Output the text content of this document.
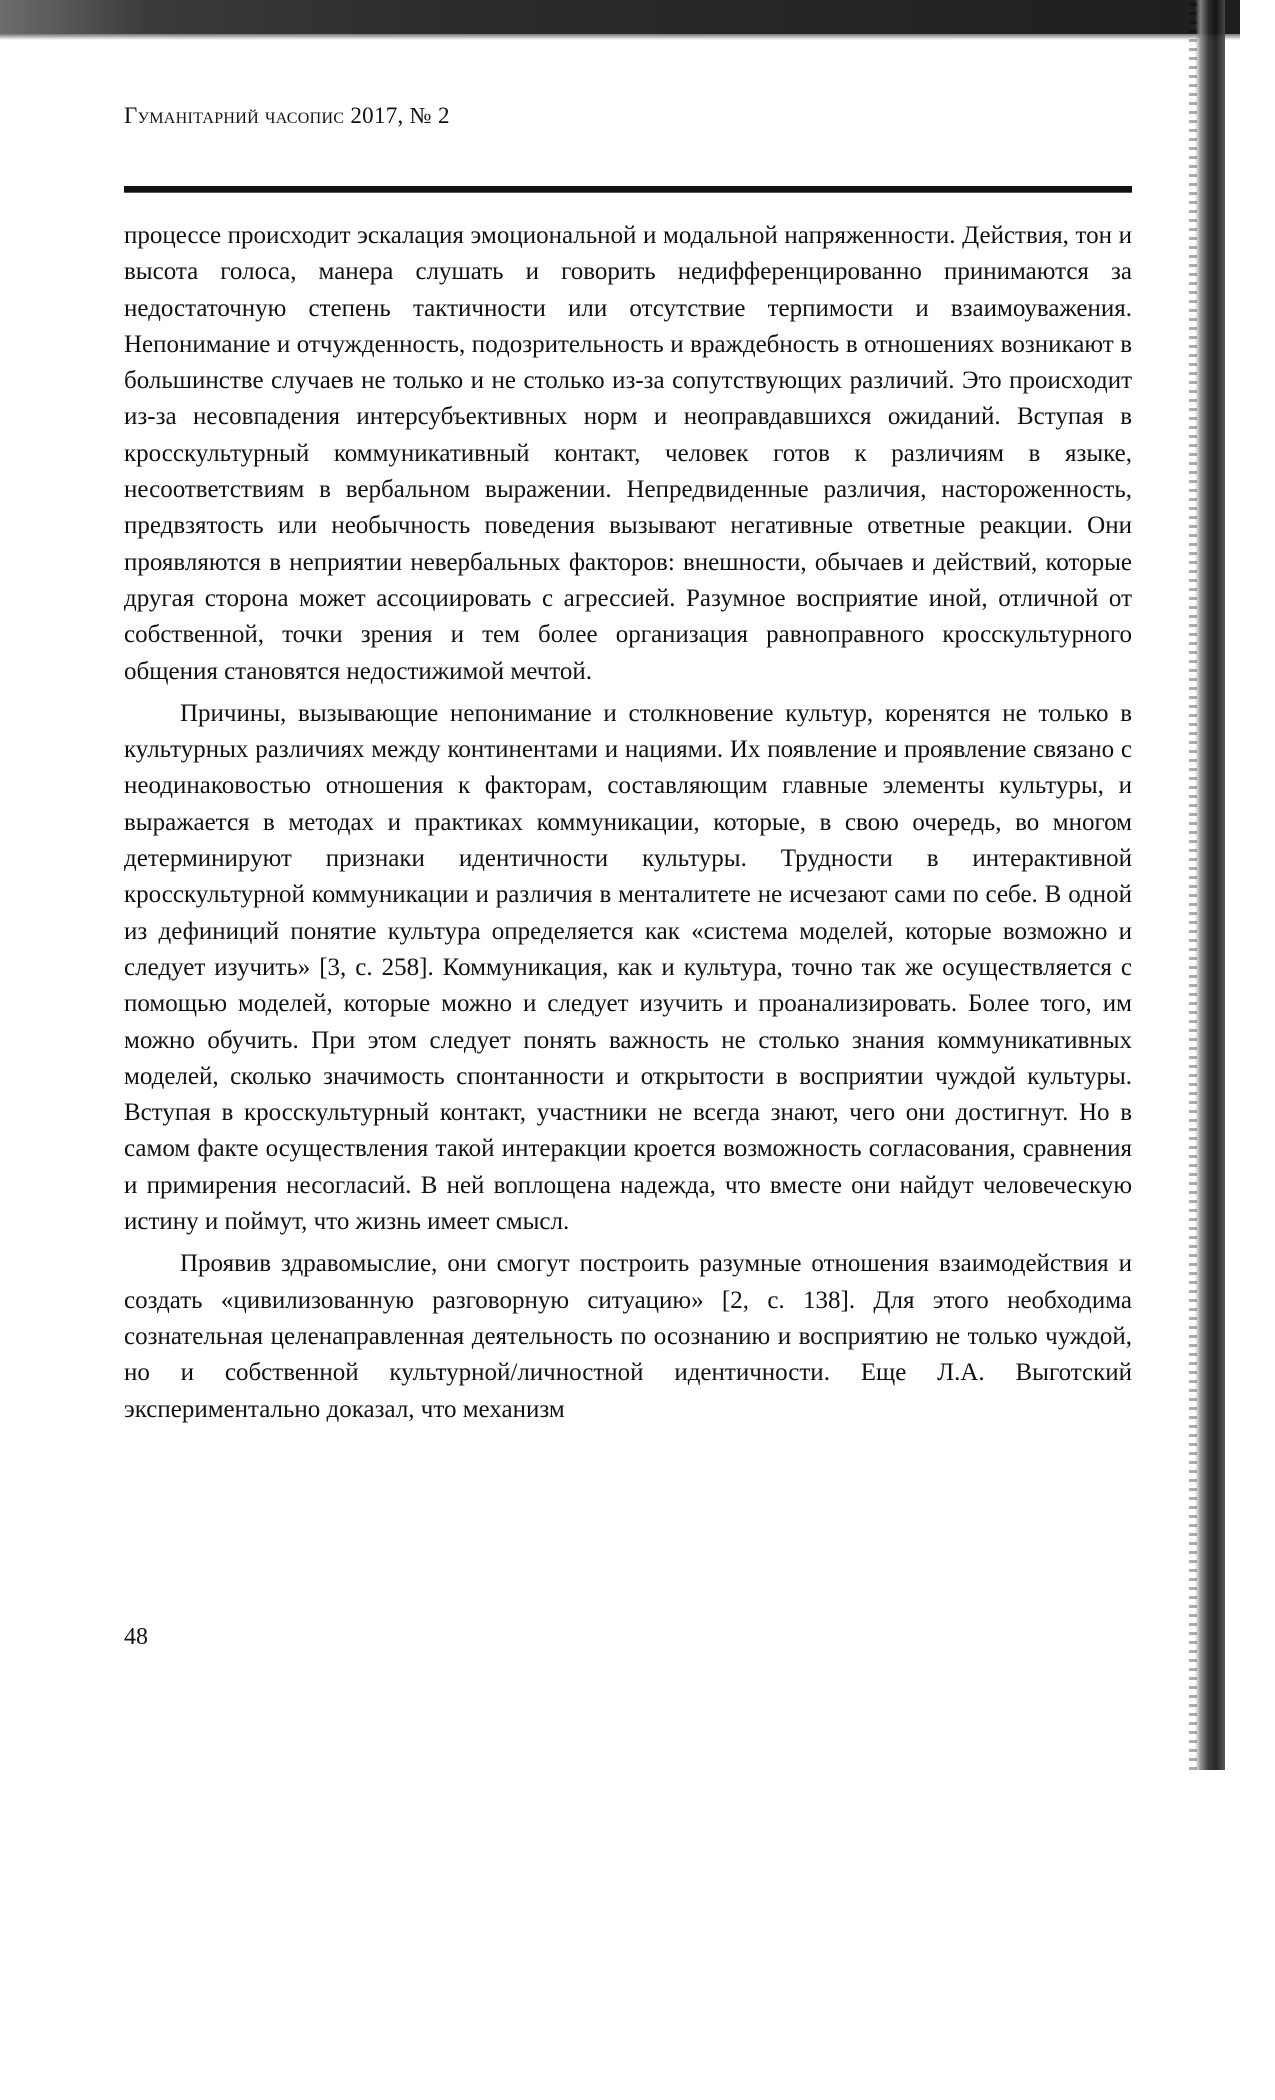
Гуманітарний часопис 2017, № 2

процессе происходит эскалация эмоциональной и модальной напряженности. Действия, тон и высота голоса, манера слушать и говорить недифференцированно принимаются за недостаточную степень тактичности или отсутствие терпимости и взаимоуважения. Непонимание и отчужденность, подозрительность и враждебность в отношениях возникают в большинстве случаев не только и не столько из-за сопутствующих различий. Это происходит из-за несовпадения интерсубъективных норм и неоправдавшихся ожиданий. Вступая в кросскультурный коммуникативный контакт, человек готов к различиям в языке, несоответствиям в вербальном выражении. Непредвиденные различия, настороженность, предвзятость или необычность поведения вызывают негативные ответные реакции. Они проявляются в неприятии невербальных факторов: внешности, обычаев и действий, которые другая сторона может ассоциировать с агрессией. Разумное восприятие иной, отличной от собственной, точки зрения и тем более организация равноправного кросскультурного общения становятся недостижимой мечтой.

Причины, вызывающие непонимание и столкновение культур, коренятся не только в культурных различиях между континентами и нациями. Их появление и проявление связано с неодинаковостью отношения к факторам, составляющим главные элементы культуры, и выражается в методах и практиках коммуникации, которые, в свою очередь, во многом детерминируют признаки идентичности культуры. Трудности в интерактивной кросскультурной коммуникации и различия в менталитете не исчезают сами по себе. В одной из дефиниций понятие культура определяется как «система моделей, которые возможно и следует изучить» [3, с. 258]. Коммуникация, как и культура, точно так же осуществляется с помощью моделей, которые можно и следует изучить и проанализировать. Более того, им можно обучить. При этом следует понять важность не столько знания коммуникативных моделей, сколько значимость спонтанности и открытости в восприятии чуждой культуры. Вступая в кросскультурный контакт, участники не всегда знают, чего они достигнут. Но в самом факте осуществления такой интеракции кроется возможность согласования, сравнения и примирения несогласий. В ней воплощена надежда, что вместе они найдут человеческую истину и поймут, что жизнь имеет смысл.

Проявив здравомыслие, они смогут построить разумные отношения взаимодействия и создать «цивилизованную разговорную ситуацию» [2, с. 138]. Для этого необходима сознательная целенаправленная деятельность по осознанию и восприятию не только чуждой, но и собственной культурной/личностной идентичности. Еще Л.А. Выготский экспериментально доказал, что механизм

48
